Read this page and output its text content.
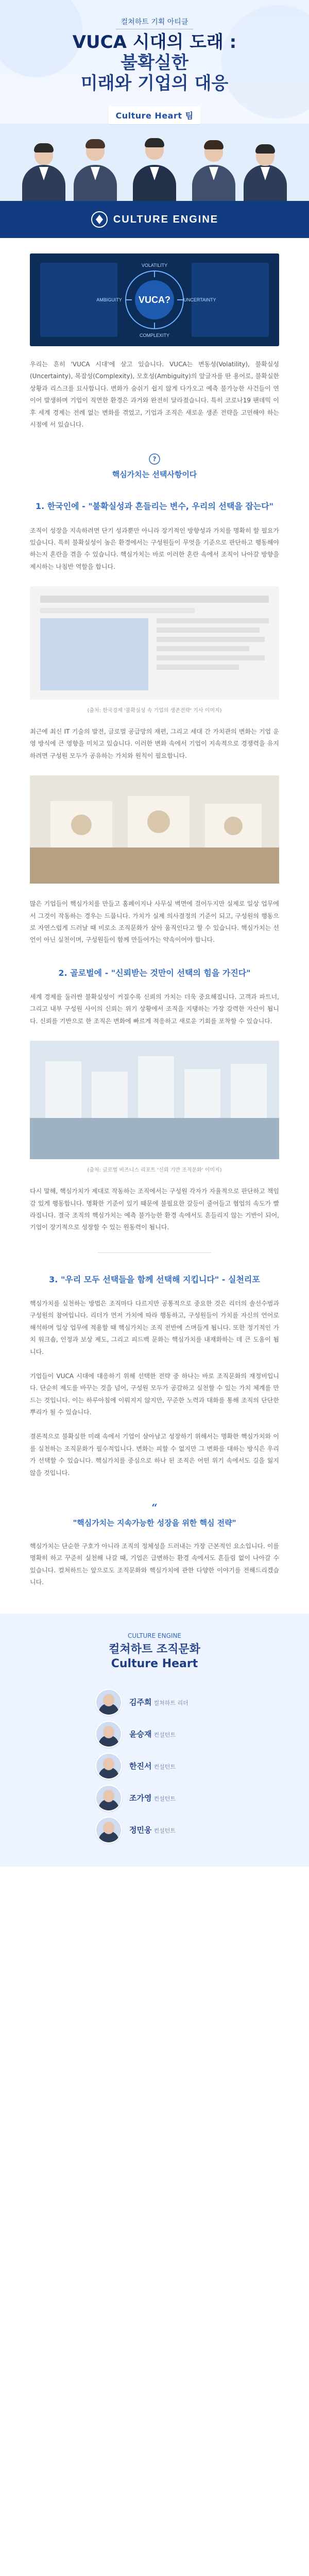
컬쳐하트 기획 아티클
VUCA 시대의 도래 :
불확실한
미래와 기업의 대응
Culture Heart 팀
CULTURE ENGINE
VUCA?
VOLATILITY
UNCERTAINTY
COMPLEXITY
AMBIGUITY

우리는 흔히 'VUCA 시대'에 살고 있습니다. VUCA는 변동성(Volatility), 불확실성(Uncertainty), 복잡성(Complexity), 모호성(Ambiguity)의 앞글자를 딴 용어로, 불확실한 상황과 리스크를 묘사합니다. 변화가 숨쉬기 쉽지 않게 다가오고 예측 불가능한 사건들이 연이어 발생하며 기업이 직면한 환경은 과거와 완전히 달라졌습니다. 특히 코로나19 팬데믹 이후 세계 경제는 전례 없는 변화를 겪었고, 기업과 조직은 새로운 생존 전략을 고민해야 하는 시점에 서 있습니다.

?
핵심가치는 선택사항이다
1. 한국인에 - "불확실성과 흔들리는 변수, 우리의 선택을 잡는다"

조직이 성장을 지속하려면 단기 성과뿐만 아니라 장기적인 방향성과 가치를 명확히 할 필요가 있습니다. 특히 불확실성이 높은 환경에서는 구성원들이 무엇을 기준으로 판단하고 행동해야 하는지 혼란을 겪을 수 있습니다. 핵심가치는 바로 이러한 혼란 속에서 조직이 나아갈 방향을 제시하는 나침반 역할을 합니다.

(출처: 한국경제 '불확실성 속 기업의 생존전략' 기사 이미지)

최근에 최신 IT 기술의 발전, 글로벌 공급망의 재편, 그리고 세대 간 가치관의 변화는 기업 운영 방식에 큰 영향을 미치고 있습니다. 이러한 변화 속에서 기업이 지속적으로 경쟁력을 유지하려면 구성원 모두가 공유하는 가치와 원칙이 필요합니다.

많은 기업들이 핵심가치를 만들고 홈페이지나 사무실 벽면에 걸어두지만 실제로 일상 업무에서 그것이 작동하는 경우는 드뭅니다. 가치가 실제 의사결정의 기준이 되고, 구성원의 행동으로 자연스럽게 드러날 때 비로소 조직문화가 살아 움직인다고 할 수 있습니다. 핵심가치는 선언이 아닌 실천이며, 구성원들이 함께 만들어가는 약속이어야 합니다.

2. 골로벌에 - "신뢰받는 것만이 선택의 힘을 가진다"

세계 경제를 둘러싼 불확실성이 커질수록 신뢰의 가치는 더욱 중요해집니다. 고객과 파트너, 그리고 내부 구성원 사이의 신뢰는 위기 상황에서 조직을 지탱하는 가장 강력한 자산이 됩니다. 신뢰를 기반으로 한 조직은 변화에 빠르게 적응하고 새로운 기회를 포착할 수 있습니다.

(출처: 글로벌 비즈니스 리포트 '신뢰 기반 조직문화' 이미지)

다시 말해, 핵심가치가 제대로 작동하는 조직에서는 구성원 각자가 자율적으로 판단하고 책임감 있게 행동합니다. 명확한 기준이 있기 때문에 불필요한 갈등이 줄어들고 협업의 속도가 빨라집니다. 결국 조직의 핵심가치는 예측 불가능한 환경 속에서도 흔들리지 않는 기반이 되어, 기업이 장기적으로 성장할 수 있는 원동력이 됩니다.

3. "우리 모두 선택들을 함께 선택해 지킵니다" - 실천리포

핵심가치를 실천하는 방법은 조직마다 다르지만 공통적으로 중요한 것은 리더의 솔선수범과 구성원의 참여입니다. 리더가 먼저 가치에 따라 행동하고, 구성원들이 가치를 자신의 언어로 해석하며 일상 업무에 적용할 때 핵심가치는 조직 전반에 스며들게 됩니다. 또한 정기적인 가치 워크숍, 인정과 보상 제도, 그리고 피드백 문화는 핵심가치를 내재화하는 데 큰 도움이 됩니다.

기업들이 VUCA 시대에 대응하기 위해 선택한 전략 중 하나는 바로 조직문화의 재정비입니다. 단순히 제도를 바꾸는 것을 넘어, 구성원 모두가 공감하고 실천할 수 있는 가치 체계를 만드는 것입니다. 이는 하루아침에 이뤄지지 않지만, 꾸준한 노력과 대화를 통해 조직의 단단한 뿌리가 될 수 있습니다.

결론적으로 불확실한 미래 속에서 기업이 살아남고 성장하기 위해서는 명확한 핵심가치와 이를 실천하는 조직문화가 필수적입니다. 변화는 피할 수 없지만 그 변화를 대하는 방식은 우리가 선택할 수 있습니다. 핵심가치를 중심으로 하나 된 조직은 어떤 위기 속에서도 길을 잃지 않을 것입니다.

“
"핵심가치는 지속가능한 성장을 위한 핵심 전략"

핵심가치는 단순한 구호가 아니라 조직의 정체성을 드러내는 가장 근본적인 요소입니다. 이를 명확히 하고 꾸준히 실천해 나갈 때, 기업은 급변하는 환경 속에서도 흔들림 없이 나아갈 수 있습니다. 컬쳐하트는 앞으로도 조직문화와 핵심가치에 관한 다양한 이야기를 전해드리겠습니다.

CULTURE ENGINE
컬쳐하트 조직문화
Culture Heart
김주희 컬쳐하트 리더
윤승재 컨설턴트
한진서 컨설턴트
조가영 컨설턴트
정민웅 컨설턴트
